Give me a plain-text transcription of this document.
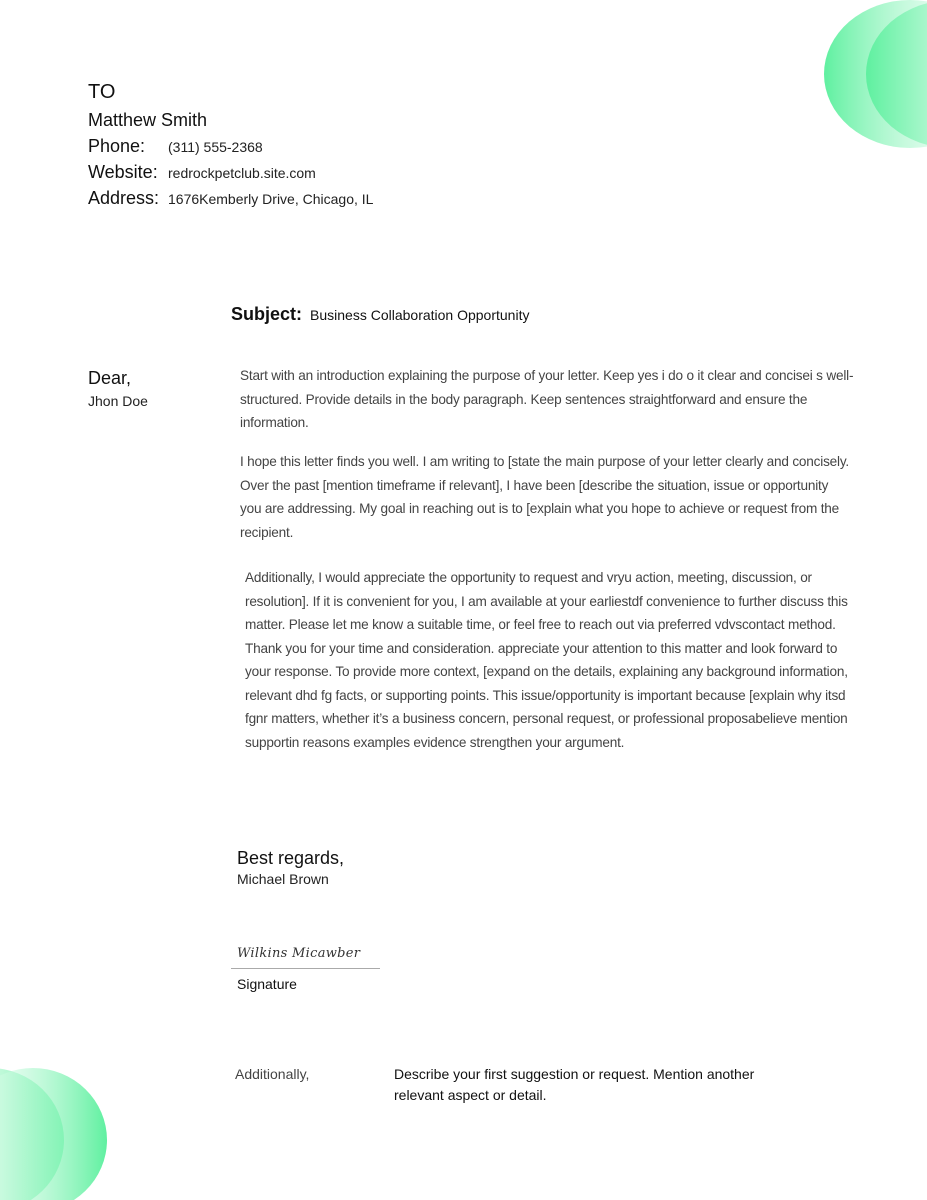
TO
Matthew Smith
Phone:	(311) 555-2368
Website: redrockpetclub.site.com
Address: 1676Kemberly Drive, Chicago, IL
Subject: Business Collaboration Opportunity
Dear,
Jhon Doe

Start with an introduction explaining the purpose of your letter. Keep yes i do o it clear and concisei s well-structured. Provide details in the body paragraph. Keep sentences straightforward and ensure the information.

I hope this letter finds you well. I am writing to [state the main purpose of your letter clearly and concisely. Over the past [mention timeframe if relevant], I have been [describe the situation, issue or opportunity you are addressing. My goal in reaching out is to [explain what you hope to achieve or request from the recipient.

Additionally, I would appreciate the opportunity to request and vryu action, meeting, discussion, or resolution]. If it is convenient for you, I am available at your earliestdf convenience to further discuss this matter. Please let me know a suitable time, or feel free to reach out via preferred vdvscontact method. Thank you for your time and consideration. appreciate your attention to this matter and look forward to your response. To provide more context, [expand on the details, explaining any background information, relevant dhd fg facts, or supporting points. This issue/opportunity is important because [explain why itsd fgnr matters, whether it’s a business concern, personal request, or professional proposabelieve mention supportin reasons examples evidence strengthen your argument.

Best regards,
Michael Brown
Wilkins Micawber
Signature
Additionally,	Describe your first suggestion or request. Mention another relevant aspect or detail.
